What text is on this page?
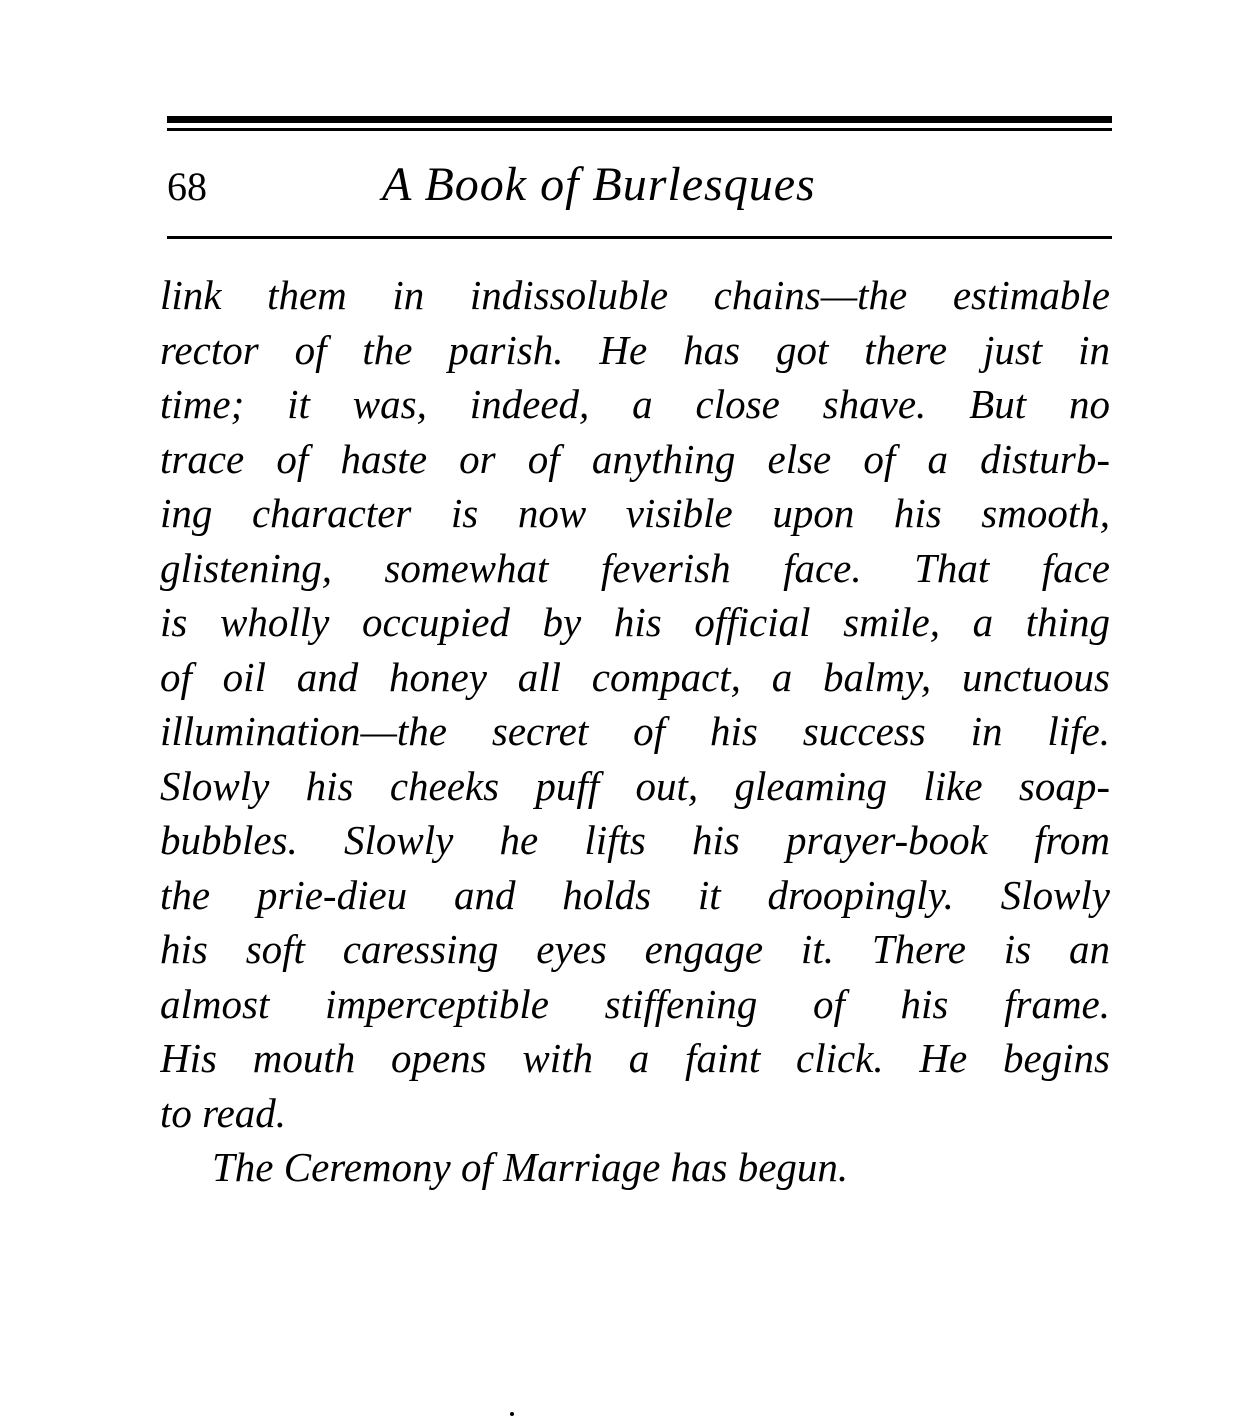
68	A Book of Burlesques
link them in indissoluble chains—the estimable
rector of the parish. He has got there just in
time; it was, indeed, a close shave. But no
trace of haste or of anything else of a disturb-
ing character is now visible upon his smooth,
glistening, somewhat feverish face. That face
is wholly occupied by his official smile, a thing
of oil and honey all compact, a balmy, unctuous
illumination—the secret of his success in life.
Slowly his cheeks puff out, gleaming like soap-
bubbles. Slowly he lifts his prayer-book from
the prie-dieu and holds it droopingly. Slowly
his soft caressing eyes engage it. There is an
almost imperceptible stiffening of his frame.
His mouth opens with a faint click. He begins
to read.
The Ceremony of Marriage has begun.
